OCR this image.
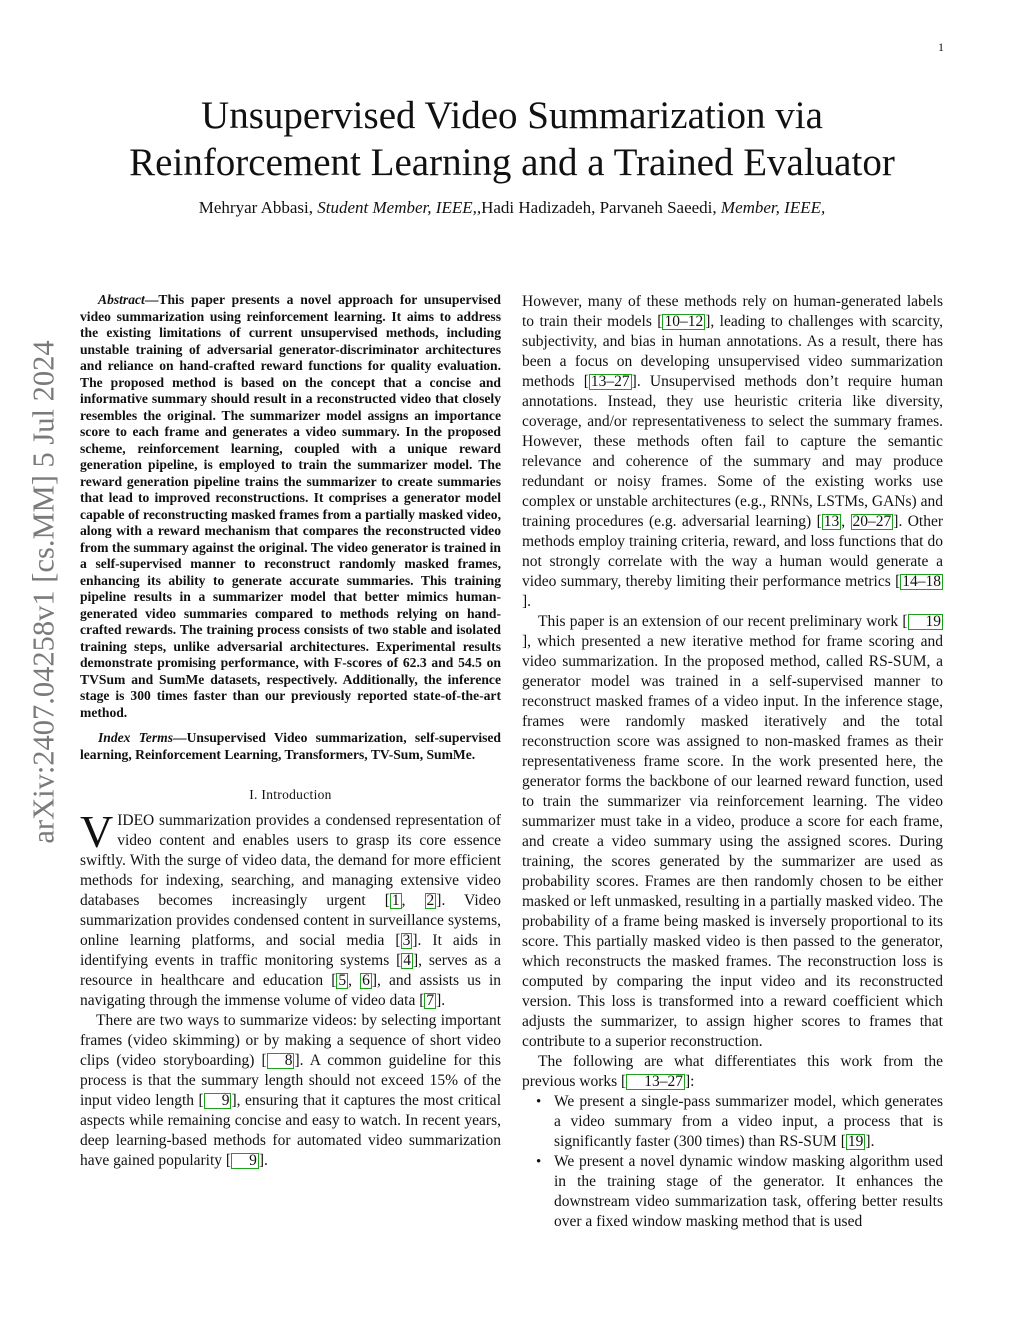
1
arXiv:2407.04258v1 [cs.MM] 5 Jul 2024
Unsupervised Video Summarization via
Reinforcement Learning and a Trained Evaluator
Mehryar Abbasi, Student Member, IEEE,,Hadi Hadizadeh, Parvaneh Saeedi, Member, IEEE,

Abstract—This paper presents a novel approach for unsupervised video summarization using reinforcement learning. It aims to address the existing limitations of current unsupervised methods, including unstable training of adversarial generator-discriminator architectures and reliance on hand-crafted reward functions for quality evaluation. The proposed method is based on the concept that a concise and informative summary should result in a reconstructed video that closely resembles the original. The summarizer model assigns an importance score to each frame and generates a video summary. In the proposed scheme, reinforcement learning, coupled with a unique reward generation pipeline, is employed to train the summarizer model. The reward generation pipeline trains the summarizer to create summaries that lead to improved reconstructions. It comprises a generator model capable of reconstructing masked frames from a partially masked video, along with a reward mechanism that compares the reconstructed video from the summary against the original. The video generator is trained in a self-supervised manner to reconstruct randomly masked frames, enhancing its ability to generate accurate summaries. This training pipeline results in a summarizer model that better mimics human-generated video summaries compared to methods relying on hand-crafted rewards. The training process consists of two stable and isolated training steps, unlike adversarial architectures. Experimental results demonstrate promising performance, with F-scores of 62.3 and 54.5 on TVSum and SumMe datasets, respectively. Additionally, the inference stage is 300 times faster than our previously reported state-of-the-art method.

Index Terms—Unsupervised Video summarization, self-supervised learning, Reinforcement Learning, Transformers, TV-Sum, SumMe.

I. Introduction

VIDEO summarization provides a condensed representation of video content and enables users to grasp its core essence swiftly. With the surge of video data, the demand for more efficient methods for indexing, searching, and managing extensive video databases becomes increasingly urgent [ 1 , 2 ]. Video summarization provides condensed content in surveillance systems, online learning platforms, and social media [ 3 ]. It aids in identifying events in traffic monitoring systems [ 4 ], serves as a resource in healthcare and education [ 5 , 6 ], and assists us in navigating through the immense volume of video data [ 7 ].

There are two ways to summarize videos: by selecting important frames (video skimming) or by making a sequence of short video clips (video storyboarding) [ 8 ]. A common guideline for this process is that the summary length should not exceed 15% of the input video length [ 9 ], ensuring that it captures the most critical aspects while remaining concise and easy to watch. In recent years, deep learning-based methods for automated video summarization have gained popularity [ 9 ].

However, many of these methods rely on human-generated labels to train their models [ 10–12 ], leading to challenges with scarcity, subjectivity, and bias in human annotations. As a result, there has been a focus on developing unsupervised video summarization methods [ 13–27 ]. Unsupervised methods don’t require human annotations. Instead, they use heuristic criteria like diversity, coverage, and/or representativeness to select the summary frames. However, these methods often fail to capture the semantic relevance and coherence of the summary and may produce redundant or noisy frames. Some of the existing works use complex or unstable architectures (e.g., RNNs, LSTMs, GANs) and training procedures (e.g. adversarial learning) [ 13 , 20–27 ]. Other methods employ training criteria, reward, and loss functions that do not strongly correlate with the way a human would generate a video summary, thereby limiting their performance metrics [ 14–18].

This paper is an extension of our recent preliminary work [ 19], which presented a new iterative method for frame scoring and video summarization. In the proposed method, called RS-SUM, a generator model was trained in a self-supervised manner to reconstruct masked frames of a video input. In the inference stage, frames were randomly masked iteratively and the total reconstruction score was assigned to non-masked frames as their representativeness frame score. In the work presented here, the generator forms the backbone of our learned reward function, used to train the summarizer via reinforcement learning. The video summarizer must take in a video, produce a score for each frame, and create a video summary using the assigned scores. During training, the scores generated by the summarizer are used as probability scores. Frames are then randomly chosen to be either masked or left unmasked, resulting in a partially masked video. The probability of a frame being masked is inversely proportional to its score. This partially masked video is then passed to the generator, which reconstructs the masked frames. The reconstruction loss is computed by comparing the input video and its reconstructed version. This loss is transformed into a reward coefficient which adjusts the summarizer, to assign higher scores to frames that contribute to a superior reconstruction.

The following are what differentiates this work from the previous works [ 13–27 ]:

• We present a single-pass summarizer model, which generates a video summary from a video input, a process that is significantly faster (300 times) than RS-SUM [ 19 ].
• We present a novel dynamic window masking algorithm used in the training stage of the generator. It enhances the downstream video summarization task, offering better results over a fixed window masking method that is used
